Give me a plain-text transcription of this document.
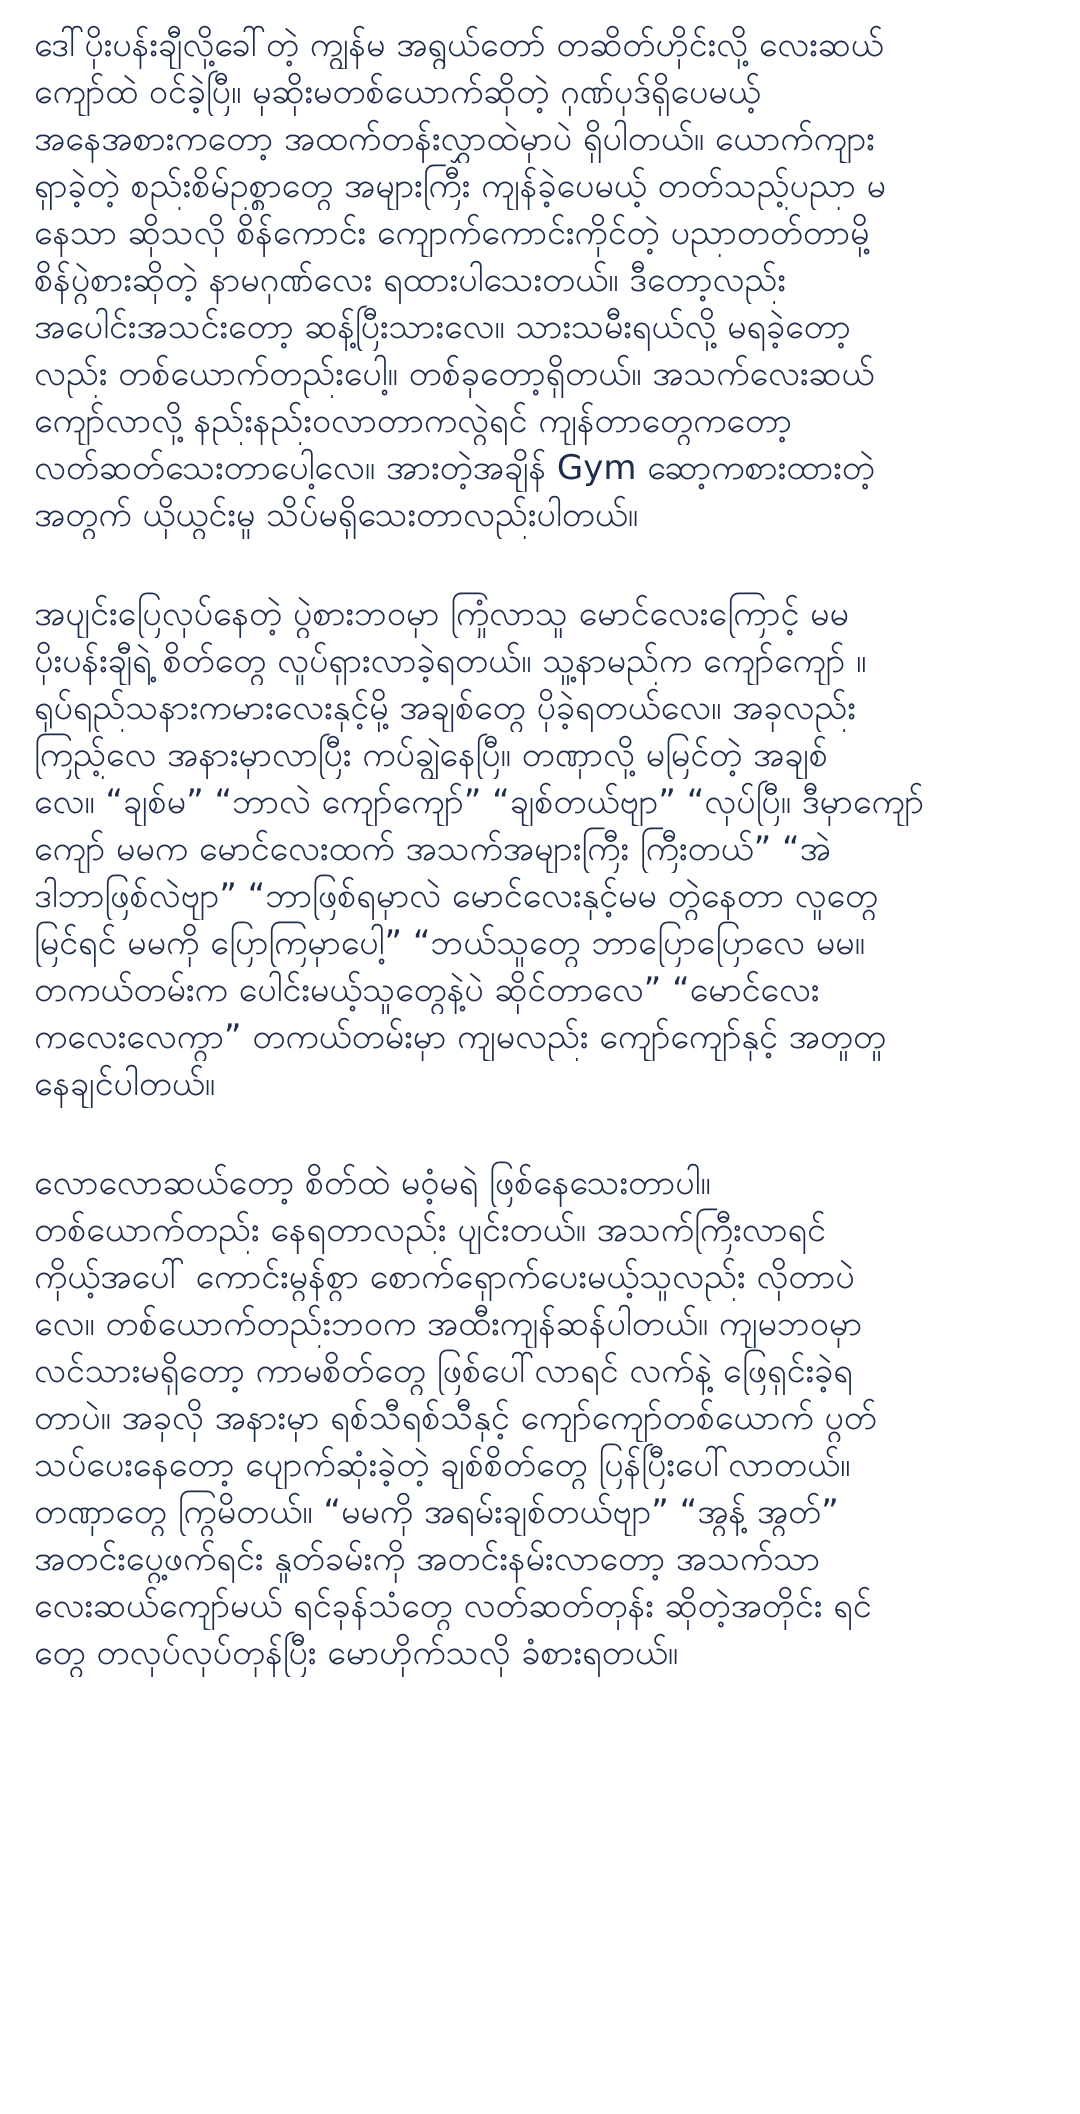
ဒေါ်ပိုးပန်းချီလို့ခေါ်တဲ့ ကျွန်မ အရွယ်တော် တဆိတ်ဟိုင်းလို့ လေးဆယ်
ကျော်ထဲ ဝင်ခဲ့ပြီ။ မုဆိုးမတစ်ယောက်ဆိုတဲ့ ဂုဏ်ပုဒ်ရှိပေမယ့်
အနေအစားကတော့ အထက်တန်းလွှာထဲမှာပဲ ရှိပါတယ်။ ယောက်ကျား
ရှာခဲ့တဲ့ စည်းစိမ်ဥစ္စာတွေ အများကြီး ကျန်ခဲ့ပေမယ့် တတ်သည့်ပညာ မ
နေသာ ဆိုသလို စိန်ကောင်း ကျောက်ကောင်းကိုင်တဲ့ ပညာတတ်တာမို့
စိန်ပွဲစားဆိုတဲ့ နာမဂုဏ်လေး ရထားပါသေးတယ်။ ဒီတော့လည်း
အပေါင်းအသင်းတော့ ဆန့်ပြီးသားလေ။ သားသမီးရယ်လို့ မရခဲ့တော့
လည်း တစ်ယောက်တည်းပေါ့။ တစ်ခုတော့ရှိတယ်။ အသက်လေးဆယ်
ကျော်လာလို့ နည်းနည်းဝလာတာကလွဲရင် ကျန်တာတွေကတော့
လတ်ဆတ်သေးတာပေါ့လေ။ အားတဲ့အချိန် Gym ဆော့ကစားထားတဲ့
အတွက် ယိုယွင်းမှု သိပ်မရှိသေးတာလည်းပါတယ်။
အပျင်းပြေလုပ်နေတဲ့ ပွဲစားဘဝမှာ ကြုံလာသူ မောင်လေးကြောင့် မမ
ပိုးပန်းချီရဲ့ စိတ်တွေ လှုပ်ရှားလာခဲ့ရတယ်။ သူ့နာမည်က ကျော်ကျော် ။
ရုပ်ရည်သနားကမားလေးနှင့်မို့ အချစ်တွေ ပိုခဲ့ရတယ်လေ။ အခုလည်း
ကြည့်လေ အနားမှာလာပြီး ကပ်ချွဲနေပြီ။ တဏှာလို့ မမြင်တဲ့ အချစ်
လေ။ “ချစ်မ” “ဘာလဲ ကျော်ကျော်” “ချစ်တယ်ဗျာ” “လုပ်ပြီ။ ဒီမှာကျော်
ကျော် မမက မောင်လေးထက် အသက်အများကြီး ကြီးတယ်” “အဲ
ဒါဘာဖြစ်လဲဗျာ” “ဘာဖြစ်ရမှာလဲ မောင်လေးနှင့်မမ တွဲနေတာ လူတွေ
မြင်ရင် မမကို ပြောကြမှာပေါ့” “ဘယ်သူတွေ ဘာပြောပြောလေ မမ။
တကယ်တမ်းက ပေါင်းမယ့်သူတွေနဲ့ပဲ ဆိုင်တာလေ” “မောင်လေး
ကလေးလေကွာ” တကယ်တမ်းမှာ ကျမလည်း ကျော်ကျော်နှင့် အတူတူ
နေချင်ပါတယ်။
လောလောဆယ်တော့ စိတ်ထဲ မဝံ့မရဲ ဖြစ်နေသေးတာပါ။
တစ်ယောက်တည်း နေရတာလည်း ပျင်းတယ်။ အသက်ကြီးလာရင်
ကိုယ့်အပေါ် ကောင်းမွန်စွာ စောက်ရှောက်ပေးမယ့်သူလည်း လိုတာပဲ
လေ။ တစ်ယောက်တည်းဘဝက အထီးကျန်ဆန်ပါတယ်။ ကျမဘဝမှာ
လင်သားမရှိတော့ ကာမစိတ်တွေ ဖြစ်ပေါ်လာရင် လက်နဲ့ ဖြေရှင်းခဲ့ရ
တာပဲ။ အခုလို အနားမှာ ရစ်သီရစ်သီနှင့် ကျော်ကျော်တစ်ယောက် ပွတ်
သပ်ပေးနေတော့ ပျောက်ဆုံးခဲ့တဲ့ ချစ်စိတ်တွေ ပြန်ပြီးပေါ်လာတယ်။
တဏှာတွေ ကြွမိတယ်။ “မမကို အရမ်းချစ်တယ်ဗျာ” “အွန့် အွတ်”
အတင်းပွေ့ဖက်ရင်း နှုတ်ခမ်းကို အတင်းနမ်းလာတော့ အသက်သာ
လေးဆယ်ကျော်မယ် ရင်ခုန်သံတွေ လတ်ဆတ်တုန်း ဆိုတဲ့အတိုင်း ရင်
တွေ တလုပ်လုပ်တုန်ပြီး မောဟိုက်သလို ခံစားရတယ်။
